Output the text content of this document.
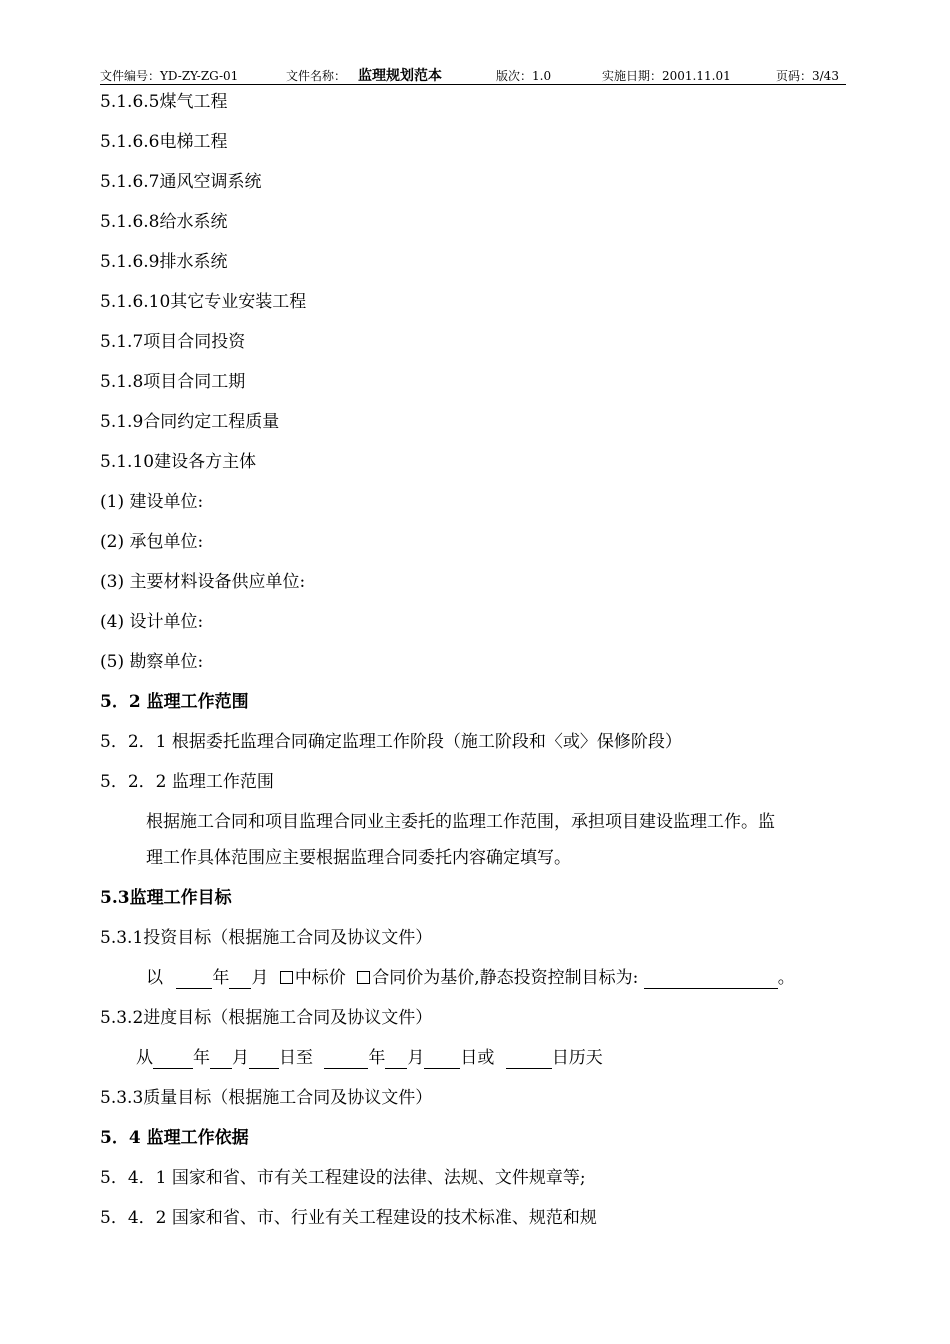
文件编号：YD-ZY-ZG-01	文件名称： 监理规划范本	版次：1.0	实施日期：2001.11.01	页码：3/43
5.1.6.5煤气工程
5.1.6.6电梯工程
5.1.6.7通风空调系统
5.1.6.8给水系统
5.1.6.9排水系统
5.1.6.10其它专业安装工程
5.1.7项目合同投资
5.1.8项目合同工期
5.1.9合同约定工程质量
5.1.10建设各方主体
(1) 建设单位:
(2) 承包单位:
(3) 主要材料设备供应单位:
(4) 设计单位:
(5) 勘察单位:
5．2 监理工作范围
5．2．1 根据委托监理合同确定监理工作阶段（施工阶段和〈或〉保修阶段）
5．2．2 监理工作范围
根据施工合同和项目监理合同业主委托的监理工作范围，承担项目建设监理工作。监
理工作具体范围应主要根据监理合同委托内容确定填写。
5.3监理工作目标
5.3.1投资目标（根据施工合同及协议文件）
以	年 月 中标价 合同价为基价,静态投资控制目标为:	。
5.3.2进度目标（根据施工合同及协议文件）
从 年 月 日至	年 月 日或	日历天
5.3.3质量目标（根据施工合同及协议文件）
5．4 监理工作依据
5．4．1 国家和省、市有关工程建设的法律、法规、文件规章等;
5．4．2 国家和省、市、行业有关工程建设的技术标准、规范和规
